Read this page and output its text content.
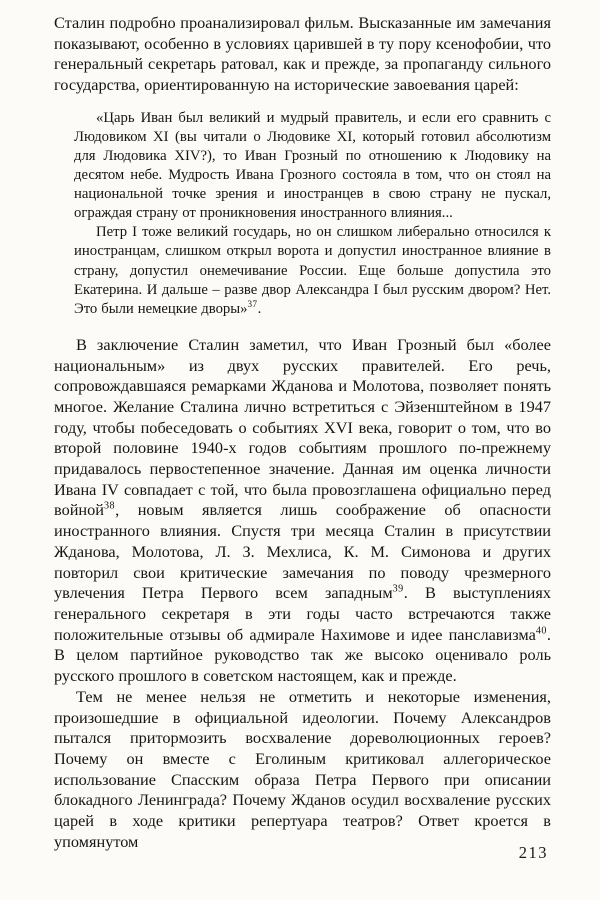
Сталин подробно проанализировал фильм. Высказанные им замечания показывают, особенно в условиях царившей в ту пору ксенофобии, что генеральный секретарь ратовал, как и прежде, за пропаганду сильного государства, ориентированную на исторические завоевания царей:

«Царь Иван был великий и мудрый правитель, и если его сравнить с Людовиком XI (вы читали о Людовике XI, который готовил абсолютизм для Людовика XIV?), то Иван Грозный по отношению к Людовику на десятом небе. Мудрость Ивана Грозного состояла в том, что он стоял на национальной точке зрения и иностранцев в свою страну не пускал, ограждая страну от проникновения иностранного влияния...

Петр I тоже великий государь, но он слишком либерально относился к иностранцам, слишком открыл ворота и допустил иностранное влияние в страну, допустил онемечивание России. Еще больше допустила это Екатерина. И дальше – разве двор Александра I был русским двором? Нет. Это были немецкие дворы»$^{37}$.

В заключение Сталин заметил, что Иван Грозный был «более национальным» из двух русских правителей. Его речь, сопровождавшаяся ремарками Жданова и Молотова, позволяет понять многое. Желание Сталина лично встретиться с Эйзенштейном в 1947 году, чтобы побеседовать о событиях XVI века, говорит о том, что во второй половине 1940-х годов событиям прошлого по-прежнему придавалось первостепенное значение. Данная им оценка личности Ивана IV совпадает с той, что была провозглашена официально перед войной$^{38}$, новым является лишь соображение об опасности иностранного влияния. Спустя три месяца Сталин в присутствии Жданова, Молотова, Л. З. Мехлиса, К. М. Симонова и других повторил свои критические замечания по поводу чрезмерного увлечения Петра Первого всем западным$^{39}$. В выступлениях генерального секретаря в эти годы часто встречаются также положительные отзывы об адмирале Нахимове и идее панславизма$^{40}$. В целом партийное руководство так же высоко оценивало роль русского прошлого в советском настоящем, как и прежде.

Тем не менее нельзя не отметить и некоторые изменения, произошедшие в официальной идеологии. Почему Александров пытался притормозить восхваление дореволюционных героев? Почему он вместе с Еголиным критиковал аллегорическое использование Спасским образа Петра Первого при описании блокадного Ленинграда? Почему Жданов осудил восхваление русских царей в ходе критики репертуара театров? Ответ кроется в упомянутом

213
